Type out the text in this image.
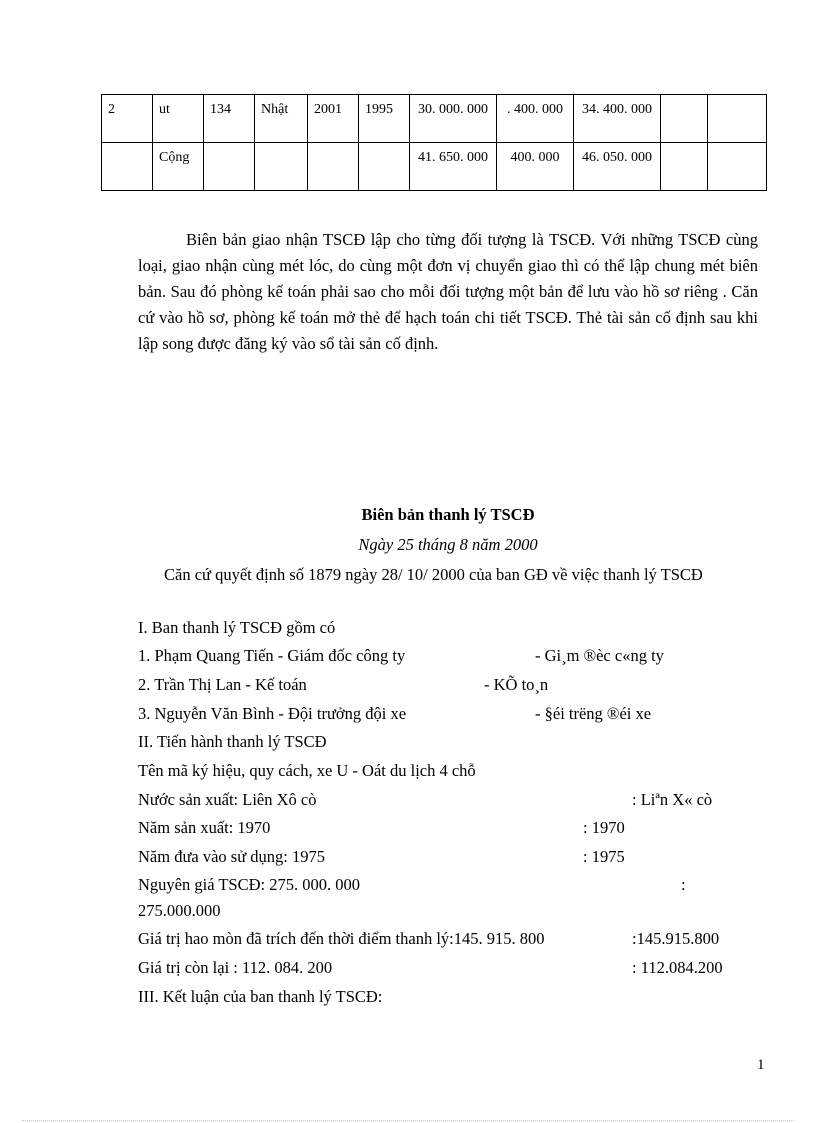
2	ut	134	Nhật	2001	1995	30. 000. 000	. 400. 000	34. 400. 000		
	Cộng					41. 650. 000	400. 000	46. 050. 000		

Biên bản giao nhận TSCĐ lập cho từng đối tượng là TSCĐ. Với những TSCĐ cùng loại, giao nhận cùng mét lóc, do cùng một đơn vị chuyển giao thì có thể lập chung mét biên bản. Sau đó phòng kế toán phải sao cho mỗi đối tượng một bản để lưu vào hồ sơ riêng . Căn cứ vào hồ sơ, phòng kế toán mở thẻ để hạch toán chi tiết TSCĐ. Thẻ tài sản cố định sau khi lập song được đăng ký vào sổ tài sản cố định.

Biên bản thanh lý TSCĐ
Ngày 25 tháng 8 năm 2000

Căn cứ quyết định số 1879 ngày 28/ 10/ 2000 của ban GĐ về việc thanh lý TSCĐ

I. Ban thanh lý TSCĐ gồm có
1. Phạm Quang Tiến - Giám đốc công ty	- Gi¸m ®èc c«ng ty
2. Trần Thị Lan - Kế toán	- KÕ to¸n
3. Nguyễn Văn Bình - Đội trưởng đội xe	- §éi trëng ®éi xe
II. Tiến hành thanh lý TSCĐ
Tên mã ký hiệu, quy cách, xe U - Oát du lịch 4 chỗ
Nước sản xuất: Liên Xô cò	: Liªn X« cò
Năm sản xuất: 1970	: 1970
Năm đưa vào sử dụng: 1975	: 1975
Nguyên giá TSCĐ: 275. 000. 000	:
275.000.000
Giá trị hao mòn đã trích đến thời điểm thanh lý:145. 915. 800	:145.915.800
Giá trị còn lại : 112. 084. 200	: 112.084.200
III. Kết luận của ban thanh lý TSCĐ:
1
